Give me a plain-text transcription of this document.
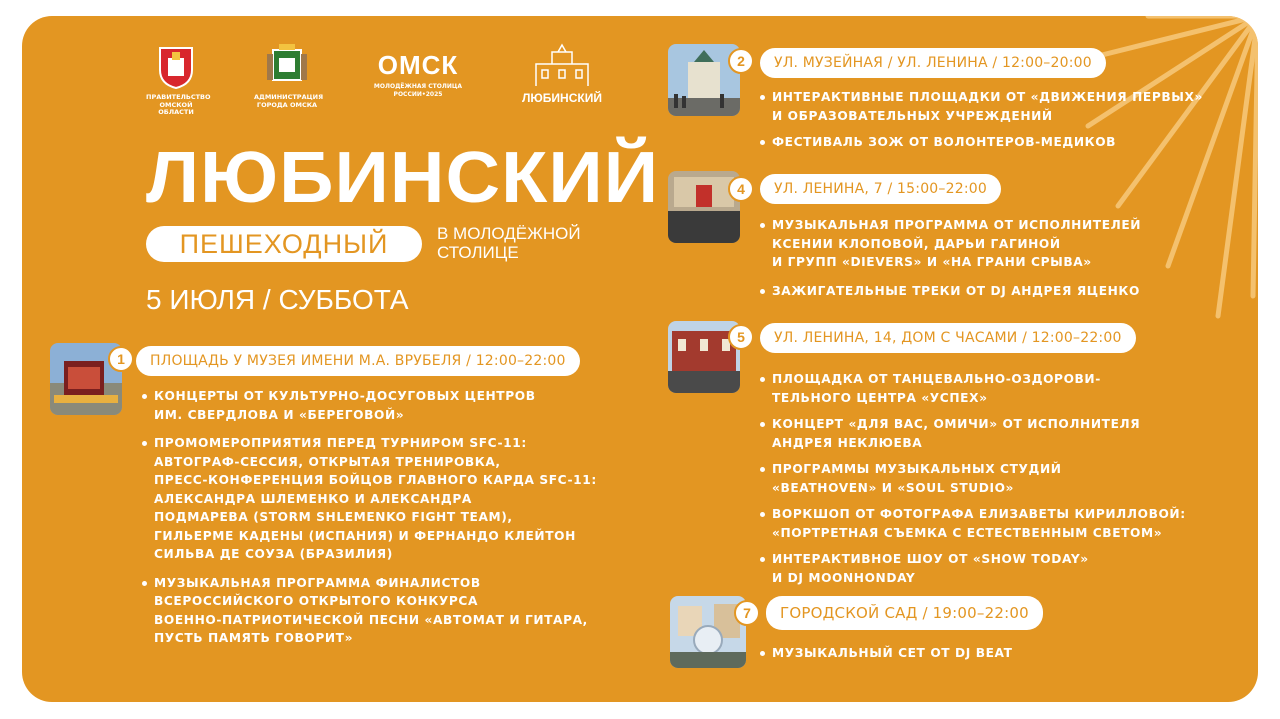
ПРАВИТЕЛЬСТВО
ОМСКОЙ ОБЛАСТИ
АДМИНИСТРАЦИЯ
ГОРОДА ОМСКА
ОМСК
МОЛОДЁЖНАЯ СТОЛИЦА
РОССИИ•2025	ЛЮБИНСКИЙ
ЛЮБИНСКИЙ
ПЕШЕХОДНЫЙ	В МОЛОДЁЖНОЙ
СТОЛИЦЕ
5 ИЮЛЯ / СУББОТА
1	ПЛОЩАДЬ У МУЗЕЯ ИМЕНИ М.А. ВРУБЕЛЯ / 12:00–22:00
КОНЦЕРТЫ ОТ КУЛЬТУРНО-ДОСУГОВЫХ ЦЕНТРОВ
ИМ. СВЕРДЛОВА И «БЕРЕГОВОЙ»
ПРОМОМЕРОПРИЯТИЯ ПЕРЕД ТУРНИРОМ SFC-11:
АВТОГРАФ-СЕССИЯ, ОТКРЫТАЯ ТРЕНИРОВКА,
ПРЕСС-КОНФЕРЕНЦИЯ БОЙЦОВ ГЛАВНОГО КАРДА SFC-11:
АЛЕКСАНДРА ШЛЕМЕНКО И АЛЕКСАНДРА
ПОДМАРЕВА (STORM SHLEMENKO FIGHT TEAM),
ГИЛЬЕРМЕ КАДЕНЫ (ИСПАНИЯ) И ФЕРНАНДО КЛЕЙТОН
СИЛЬВА ДЕ СОУЗА (БРАЗИЛИЯ)
МУЗЫКАЛЬНАЯ ПРОГРАММА ФИНАЛИСТОВ
ВСЕРОССИЙСКОГО ОТКРЫТОГО КОНКУРСА
ВОЕННО-ПАТРИОТИЧЕСКОЙ ПЕСНИ «АВТОМАТ И ГИТАРА,
ПУСТЬ ПАМЯТЬ ГОВОРИТ»
2	УЛ. МУЗЕЙНАЯ / УЛ. ЛЕНИНА / 12:00–20:00
ИНТЕРАКТИВНЫЕ ПЛОЩАДКИ ОТ «ДВИЖЕНИЯ ПЕРВЫХ»
И ОБРАЗОВАТЕЛЬНЫХ УЧРЕЖДЕНИЙ
ФЕСТИВАЛЬ ЗОЖ ОТ ВОЛОНТЕРОВ-МЕДИКОВ
4	УЛ. ЛЕНИНА, 7 / 15:00–22:00
МУЗЫКАЛЬНАЯ ПРОГРАММА ОТ ИСПОЛНИТЕЛЕЙ
КСЕНИИ КЛОПОВОЙ, ДАРЬИ ГАГИНОЙ
И ГРУПП «DIEVERS» И «НА ГРАНИ СРЫВА»
ЗАЖИГАТЕЛЬНЫЕ ТРЕКИ ОТ DJ АНДРЕЯ ЯЦЕНКО
5	УЛ. ЛЕНИНА, 14, ДОМ С ЧАСАМИ / 12:00–22:00
ПЛОЩАДКА ОТ ТАНЦЕВАЛЬНО-ОЗДОРОВИ-
ТЕЛЬНОГО ЦЕНТРА «УСПЕХ»
КОНЦЕРТ «ДЛЯ ВАС, ОМИЧИ» ОТ ИСПОЛНИТЕЛЯ
АНДРЕЯ НЕКЛЮЕВА
ПРОГРАММЫ МУЗЫКАЛЬНЫХ СТУДИЙ
«BEATHOVEN» И «SOUL STUDIO»
ВОРКШОП ОТ ФОТОГРАФА ЕЛИЗАВЕТЫ КИРИЛЛОВОЙ:
«ПОРТРЕТНАЯ СЪЕМКА С ЕСТЕСТВЕННЫМ СВЕТОМ»
ИНТЕРАКТИВНОЕ ШОУ ОТ «SHOW TODAY»
И DJ MOONHONDAY
7	ГОРОДСКОЙ САД / 19:00–22:00
МУЗЫКАЛЬНЫЙ СЕТ ОТ DJ BEAT
